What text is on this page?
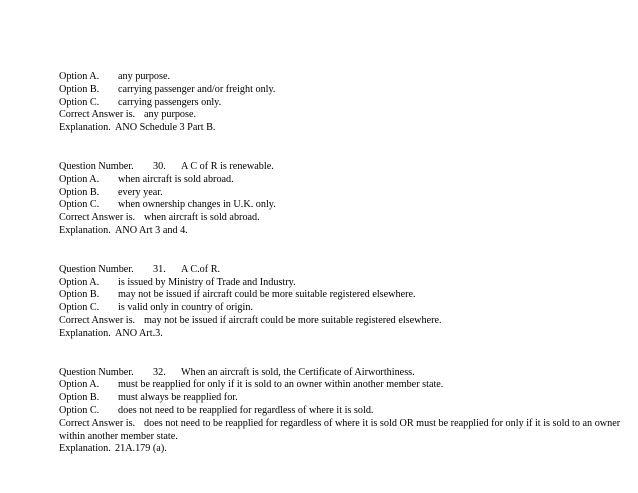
Option A. any purpose.
Option B. carrying passenger and/or freight only.
Option C. carrying passengers only.
Correct Answer is. any purpose.
Explanation. ANO Schedule 3 Part B.
Question Number. 30. A C of R is renewable.
Option A. when aircraft is sold abroad.
Option B. every year.
Option C. when ownership changes in U.K. only.
Correct Answer is. when aircraft is sold abroad.
Explanation. ANO Art 3 and 4.
Question Number. 31. A C.of R.
Option A. is issued by Ministry of Trade and Industry.
Option B. may not be issued if aircraft could be more suitable registered elsewhere.
Option C. is valid only in country of origin.
Correct Answer is. may not be issued if aircraft could be more suitable registered elsewhere.
Explanation. ANO Art.3.
Question Number. 32. When an aircraft is sold, the Certificate of Airworthiness.
Option A. must be reapplied for only if it is sold to an owner within another member state.
Option B. must always be reapplied for.
Option C. does not need to be reapplied for regardless of where it is sold.
Correct Answer is. does not need to be reapplied for regardless of where it is sold OR must be reapplied for only if it is sold to an owner within another member state.
Explanation. 21A.179 (a).
